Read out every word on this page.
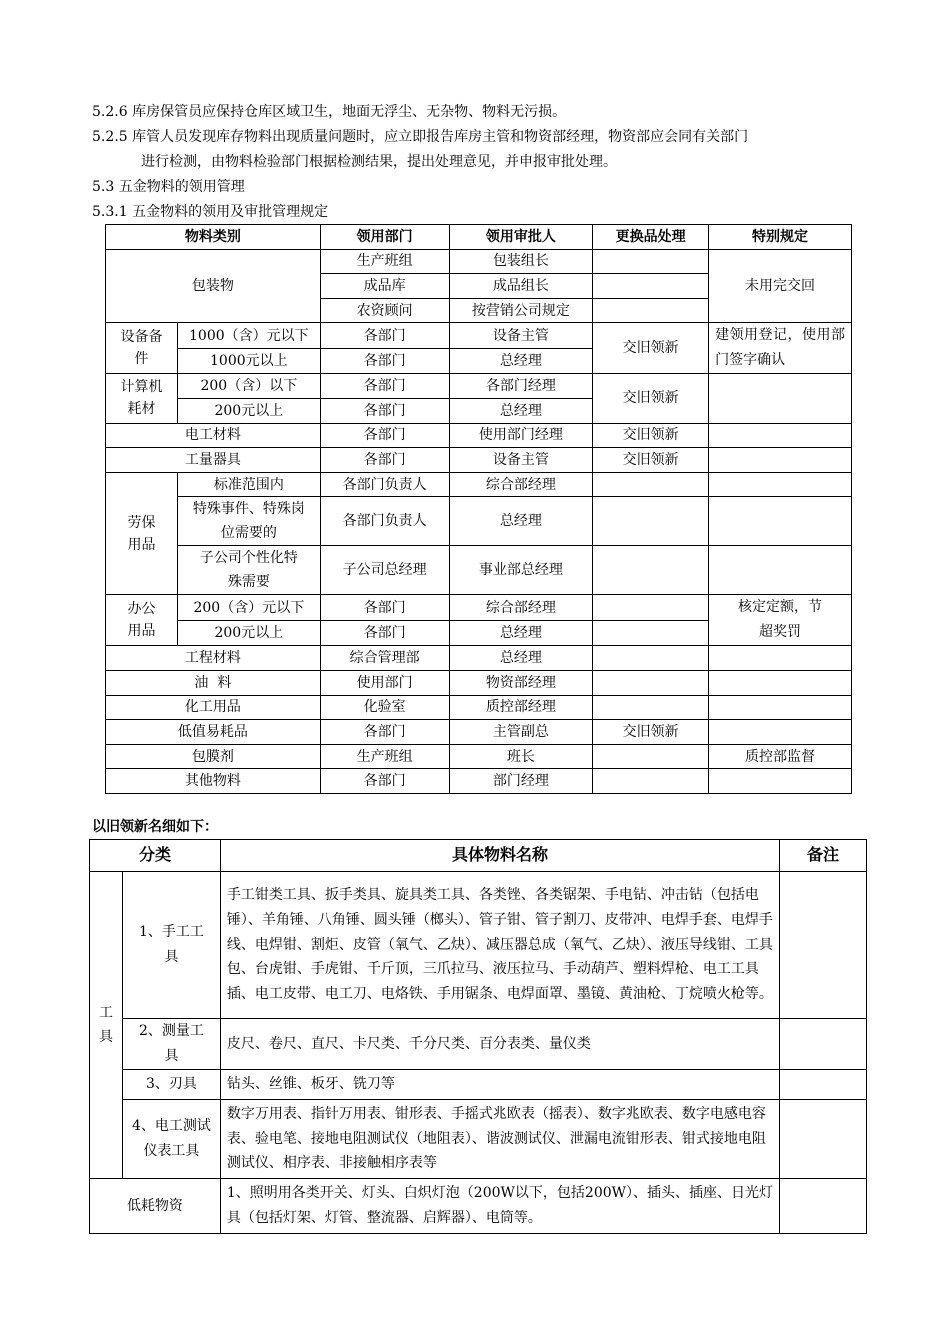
5.2.6 库房保管员应保持仓库区域卫生，地面无浮尘、无杂物、物料无污损。
5.2.5 库管人员发现库存物料出现质量问题时，应立即报告库房主管和物资部经理，物资部应会同有关部门
进行检测，由物料检验部门根据检测结果，提出处理意见，并申报审批处理。
5.3 五金物料的领用管理
5.3.1 五金物料的领用及审批管理规定
物料类别		领用部门	领用审批人	更换品处理	特别规定
包装物		生产班组	包装组长		未用完交回
		成品库	成品组长		
		农资顾问	按营销公司规定		
设备备件	1000（含）元以下	各部门	设备主管	交旧领新	建领用登记，使用部门签字确认
	1000元以上	各部门	总经理		
计算机耗材	200（含）以下	各部门	各部门经理	交旧领新	
	200元以上	各部门	总经理		
电工材料		各部门	使用部门经理	交旧领新	
工量器具		各部门	设备主管	交旧领新	
劳保用品	标准范围内	各部门负责人	综合部经理		
	特殊事件、特殊岗位需要的	各部门负责人	总经理		
	子公司个性化特殊需要	子公司总经理	事业部总经理		
办公用品	200（含）元以下	各部门	综合部经理		核定定额，节超奖罚
	200元以上	各部门	总经理		
工程材料		综合管理部	总经理		
油  料		使用部门	物资部经理		
化工用品		化验室	质控部经理		
低值易耗品		各部门	主管副总	交旧领新	
包膜剂		生产班组	班长		质控部监督
其他物料		各部门	部门经理		
以旧领新名细如下：
分类		具体物料名称	备注
工具	1、手工工具	手工钳类工具、扳手类具、旋具类工具、各类锉、各类锯架、手电钻、冲击钻（包括电锤）、羊角锤、八角锤、圆头锤（榔头）、管子钳、管子割刀、皮带冲、电焊手套、电焊手线、电焊钳、割炬、皮管（氧气、乙炔）、减压器总成（氧气、乙炔）、液压导线钳、工具包、台虎钳、手虎钳、千斤顶，三爪拉马、液压拉马、手动葫芦、塑料焊枪、电工工具插、电工皮带、电工刀、电烙铁、手用锯条、电焊面罩、墨镜、黄油枪、丁烷喷火枪等。	
	2、测量工具	皮尺、卷尺、直尺、卡尺类、千分尺类、百分表类、量仪类	
	3、刃具	钻头、丝锥、板牙、铣刀等	
	4、电工测试仪表工具	数字万用表、指针万用表、钳形表、手摇式兆欧表（摇表）、数字兆欧表、数字电感电容表、验电笔、接地电阻测试仪（地阻表）、谐波测试仪、泄漏电流钳形表、钳式接地电阻测试仪、相序表、非接触相序表等	
低耗物资		1、照明用各类开关、灯头、白炽灯泡（200W以下，包括200W）、插头、插座、日光灯具（包括灯架、灯管、整流器、启辉器）、电筒等。	
